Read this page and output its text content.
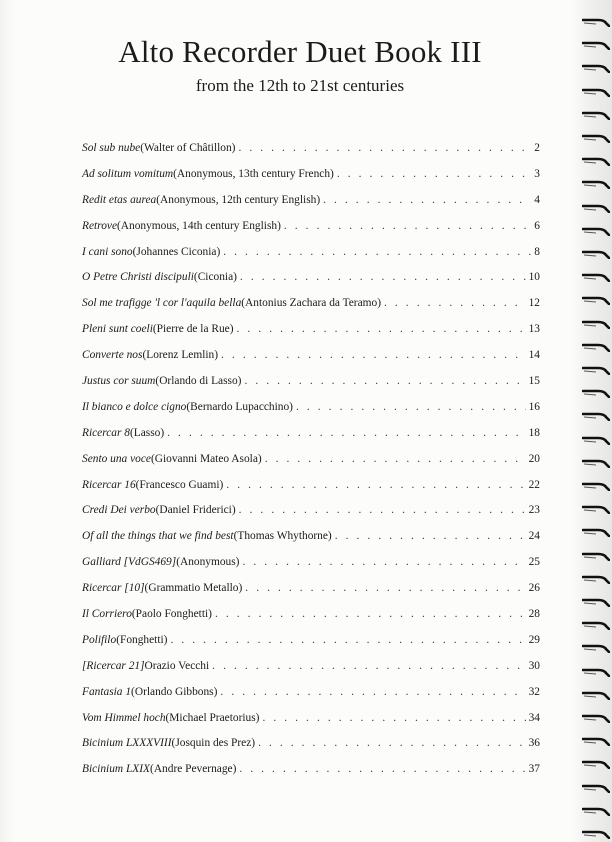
Alto Recorder Duet Book III
from the 12th to 21st centuries
Sol sub nube (Walter of Châtillon) . . .	2
Ad solitum vomitum (Anonymous, 13th century French) . . .	3
Redit etas aurea (Anonymous, 12th century English) . . .	4
Retrove (Anonymous, 14th century English) . . .	6
I cani sono (Johannes Ciconia) . . .	8
O Petre Christi discipuli (Ciconia) . . .	10
Sol me trafigge 'l cor l'aquila bella (Antonius Zachara da Teramo) . . .	12
Pleni sunt coeli (Pierre de la Rue) . . .	13
Converte nos (Lorenz Lemlin) . . .	14
Justus cor suum (Orlando di Lasso) . . .	15
Il bianco e dolce cigno (Bernardo Lupacchino) . . .	16
Ricercar 8 (Lasso) . . .	18
Sento una voce (Giovanni Mateo Asola) . . .	20
Ricercar 16 (Francesco Guami) . . .	22
Credi Dei verbo (Daniel Friderici) . . .	23
Of all the things that we find best (Thomas Whythorne) . . .	24
Galliard [VdGS469] (Anonymous) . . .	25
Ricercar [10] (Grammatio Metallo) . . .	26
Il Corriero (Paolo Fonghetti) . . .	28
Polifilo (Fonghetti) . . .	29
[Ricercar 21] Orazio Vecchi . . .	30
Fantasia 1 (Orlando Gibbons) . . .	32
Vom Himmel hoch (Michael Praetorius) . . .	34
Bicinium LXXXVIII (Josquin des Prez) . . .	36
Bicinium LXIX (Andre Pevernage) . . .	37
